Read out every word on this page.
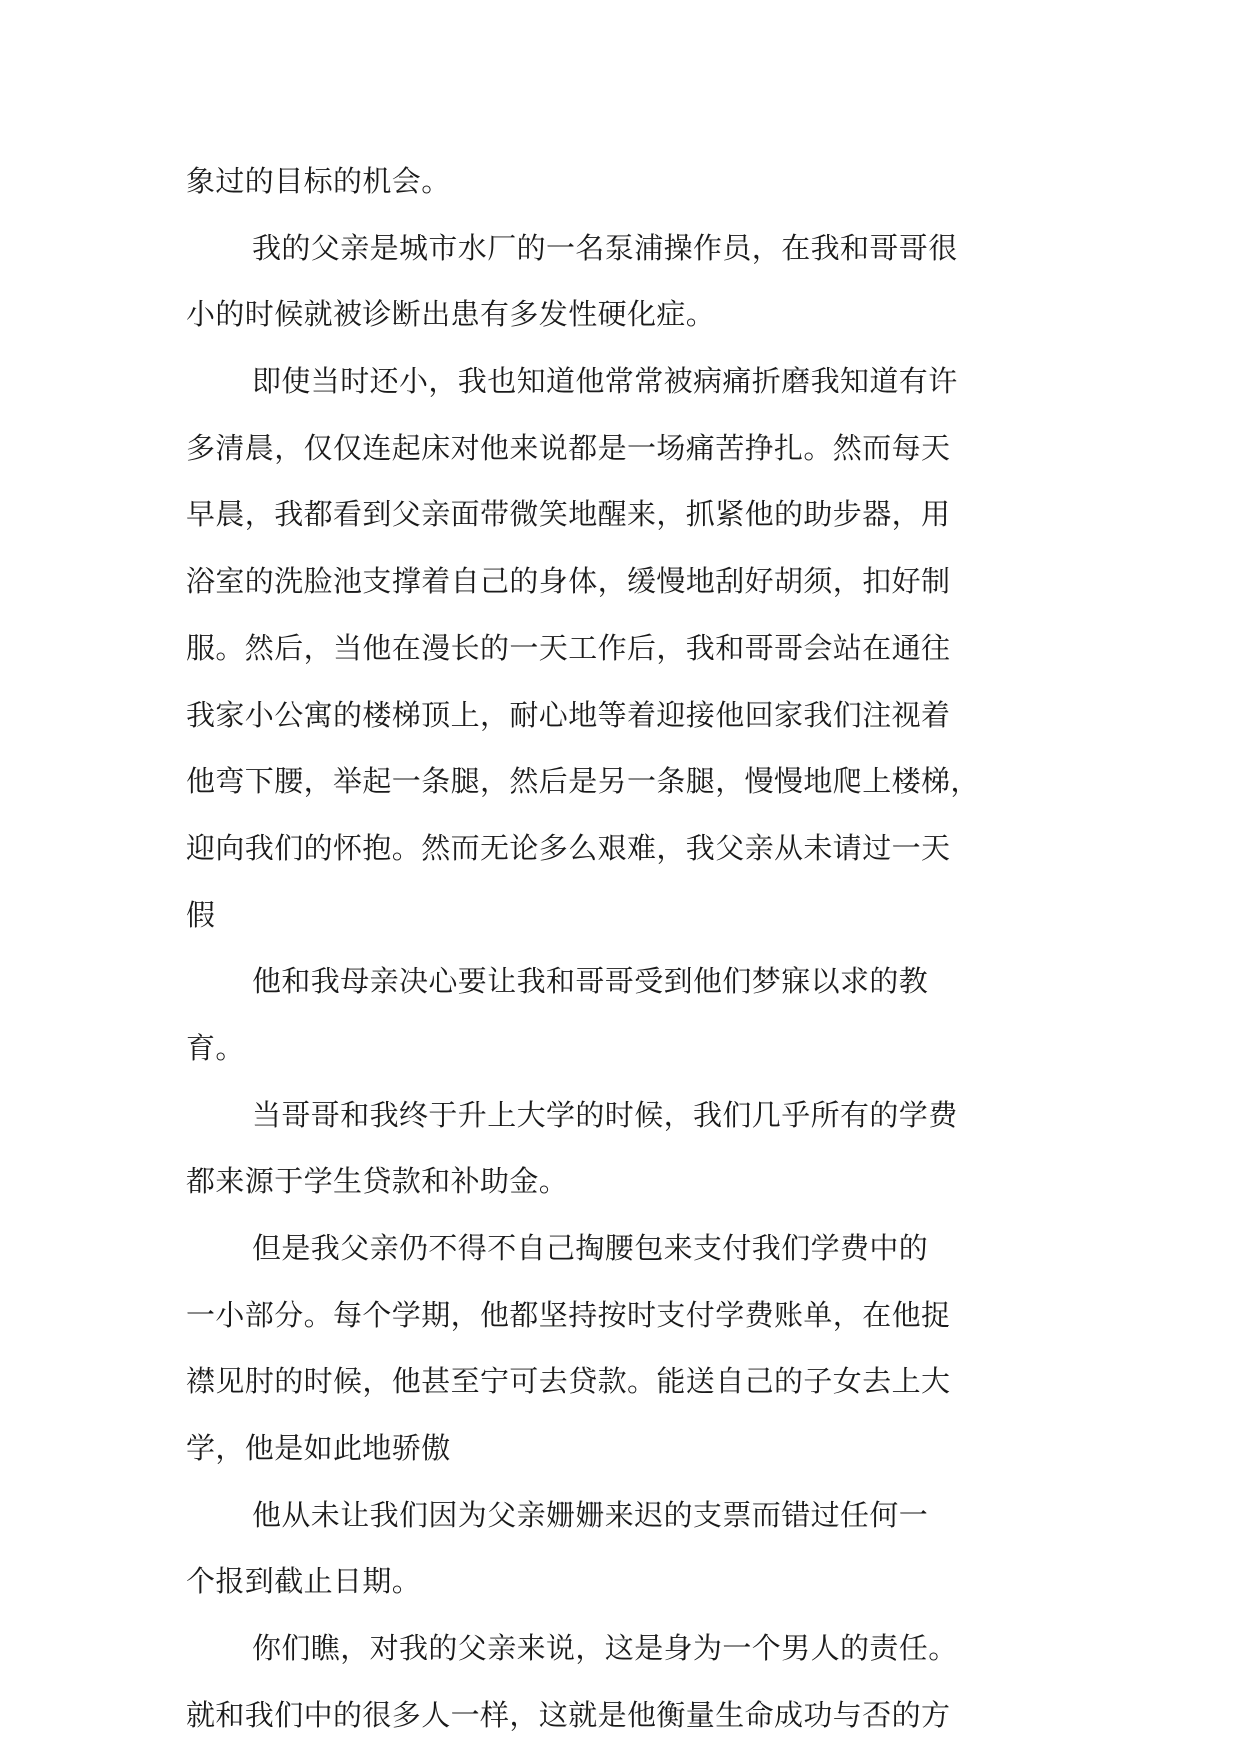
象过的目标的机会。
我的父亲是城市水厂的一名泵浦操作员，在我和哥哥很
小的时候就被诊断出患有多发性硬化症。
即使当时还小，我也知道他常常被病痛折磨我知道有许
多清晨，仅仅连起床对他来说都是一场痛苦挣扎。然而每天
早晨，我都看到父亲面带微笑地醒来，抓紧他的助步器，用
浴室的洗脸池支撑着自己的身体，缓慢地刮好胡须，扣好制
服。然后，当他在漫长的一天工作后，我和哥哥会站在通往
我家小公寓的楼梯顶上，耐心地等着迎接他回家我们注视着
他弯下腰，举起一条腿，然后是另一条腿，慢慢地爬上楼梯，
迎向我们的怀抱。然而无论多么艰难，我父亲从未请过一天
假
他和我母亲决心要让我和哥哥受到他们梦寐以求的教
育。
当哥哥和我终于升上大学的时候，我们几乎所有的学费
都来源于学生贷款和补助金。
但是我父亲仍不得不自己掏腰包来支付我们学费中的
一小部分。每个学期，他都坚持按时支付学费账单，在他捉
襟见肘的时候，他甚至宁可去贷款。能送自己的子女去上大
学，他是如此地骄傲
他从未让我们因为父亲姗姗来迟的支票而错过任何一
个报到截止日期。
你们瞧，对我的父亲来说，这是身为一个男人的责任。
就和我们中的很多人一样，这就是他衡量生命成功与否的方
